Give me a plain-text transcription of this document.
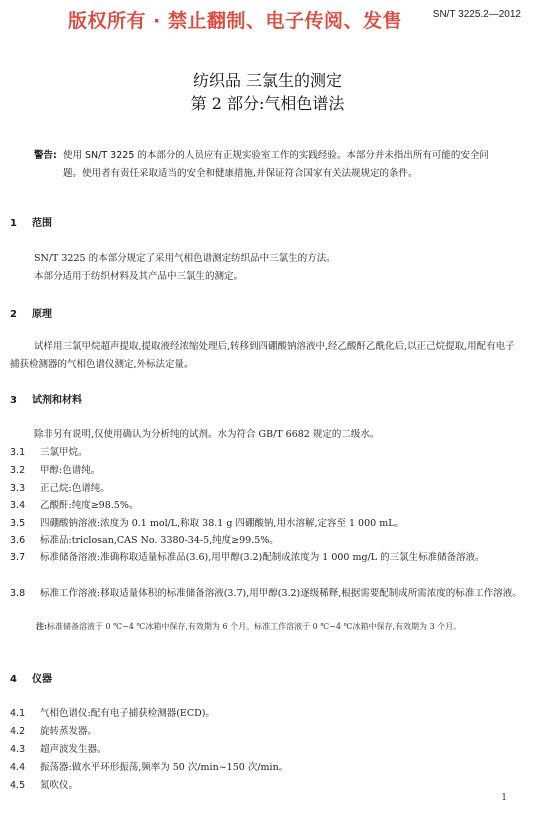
版权所有 · 禁止翻制、电子传阅、发售	SN/T 3225.2—2012
纺织品 三氯生的测定
第 2 部分:气相色谱法
警告: 使用 SN/T 3225 的本部分的人员应有正规实验室工作的实践经验。本部分并未指出所有可能的安全问题。使用者有责任采取适当的安全和健康措施,并保证符合国家有关法规规定的条件。
1 范围
SN/T 3225 的本部分规定了采用气相色谱测定纺织品中三氯生的方法。
本部分适用于纺织材料及其产品中三氯生的测定。
2 原理
试样用三氯甲烷超声提取,提取液经浓缩处理后,转移到四硼酸钠溶液中,经乙酸酐乙酰化后,以正己烷提取,用配有电子捕获检测器的气相色谱仪测定,外标法定量。
3 试剂和材料
除非另有说明,仅使用确认为分析纯的试剂。水为符合 GB/T 6682 规定的二级水。
3.1 三氯甲烷。
3.2 甲醇:色谱纯。
3.3 正己烷:色谱纯。
3.4 乙酸酐:纯度≥98.5%。
3.5 四硼酸钠溶液:浓度为 0.1 mol/L,称取 38.1 g 四硼酸钠,用水溶解,定容至 1 000 mL。
3.6 标准品:triclosan,CAS No. 3380-34-5,纯度≥99.5%。
3.7 标准储备溶液:准确称取适量标准品(3.6),用甲醇(3.2)配制成浓度为 1 000 mg/L 的三氯生标准储备溶液。
3.8 标准工作溶液:移取适量体积的标准储备溶液(3.7),用甲醇(3.2)逐级稀释,根据需要配制成所需浓度的标准工作溶液。
注:标准储备溶液于 0 ℃~4 ℃冰箱中保存,有效期为 6 个月。标准工作溶液于 0 ℃~4 ℃冰箱中保存,有效期为 3 个月。
4 仪器
4.1 气相色谱仪:配有电子捕获检测器(ECD)。
4.2 旋转蒸发器。
4.3 超声波发生器。
4.4 振荡器:做水平环形振荡,频率为 50 次/min~150 次/min。
4.5 氮吹仪。
1
